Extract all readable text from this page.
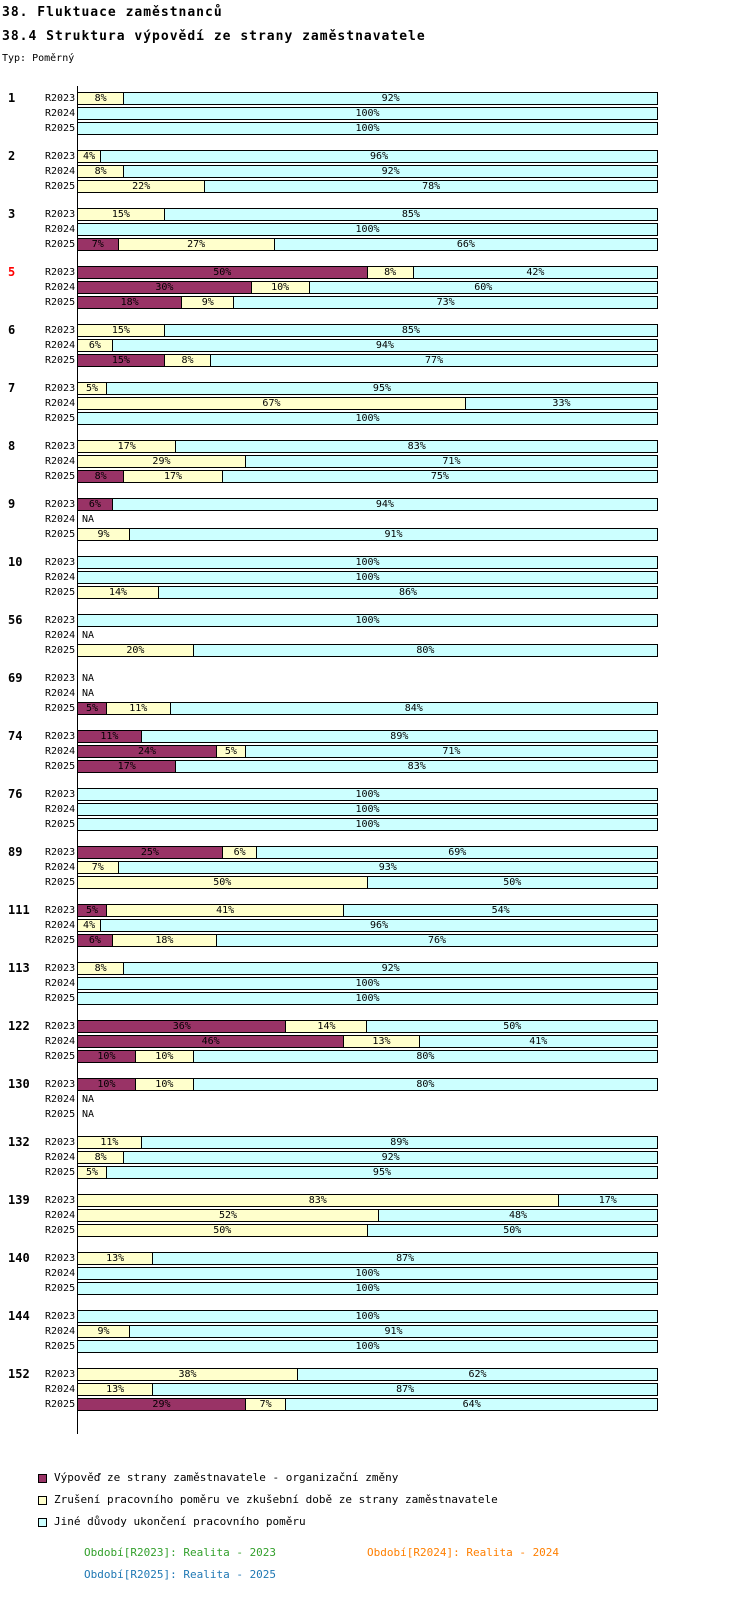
38. Fluktuace zaměstnanců

38.4 Struktura výpovědí ze strany zaměstnavatele

Typ: Poměrný

1	R2023	8%	92%
R2024	100%
R2025	100%
2	R2023 4%	96%
R2024	8%	92%
R2025	22%	78%
3	R2023	15%	85%
R2024	100%
R2025	7%	27%	66%
5	R2023	50%	8%	42%
R2024	30%	10%	60%
R2025	18%	9%	73%
6	R2023	15%	85%
R2024	6%	94%
R2025	15%	8%	77%
7	R2023	5%	95%
R2024	67%	33%
R2025	100%
8	R2023	17%	83%
R2024	29%	71%
R2025	8%	17%	75%
9	R2023	6%	94%
R2024 NA
R2025	9%	91%
10	R2023	100%
R2024	100%
R2025	14%	86%
56	R2023	100%
R2024 NA
R2025	20%	80%
69	R2023 NA
R2024 NA
R2025	5%	11%	84%
74	R2023	11%	89%
R2024	24%	5%	71%
R2025	17%	83%
76	R2023	100%
R2024	100%
R2025	100%
89	R2023	25%	6%	69%
R2024	7%	93%
R2025	50%	50%
111	R2023	5%	41%	54%
R2024 4%	96%
R2025	6%	18%	76%
113	R2023	8%	92%
R2024	100%
R2025	100%
122	R2023	36%	14%	50%
R2024	46%	13%	41%
R2025	10%	10%	80%
130	R2023	10%	10%	80%
R2024 NA
R2025 NA
132	R2023	11%	89%
R2024	8%	92%
R2025	5%	95%
139	R2023	83%	17%
R2024	52%	48%
R2025	50%	50%
140	R2023	13%	87%
R2024	100%
R2025	100%
144	R2023	100%
R2024	9%	91%
R2025	100%
152	R2023	38%	62%
R2024	13%	87%
R2025	29%	7%	64%
Výpověď ze strany zaměstnavatele - organizační změny
Zrušení pracovního poměru ve zkušební době ze strany zaměstnavatele
Jiné důvody ukončení pracovního poměru
Období[R2023]: Realita - 2023	Období[R2024]: Realita - 2024
Období[R2025]: Realita - 2025
